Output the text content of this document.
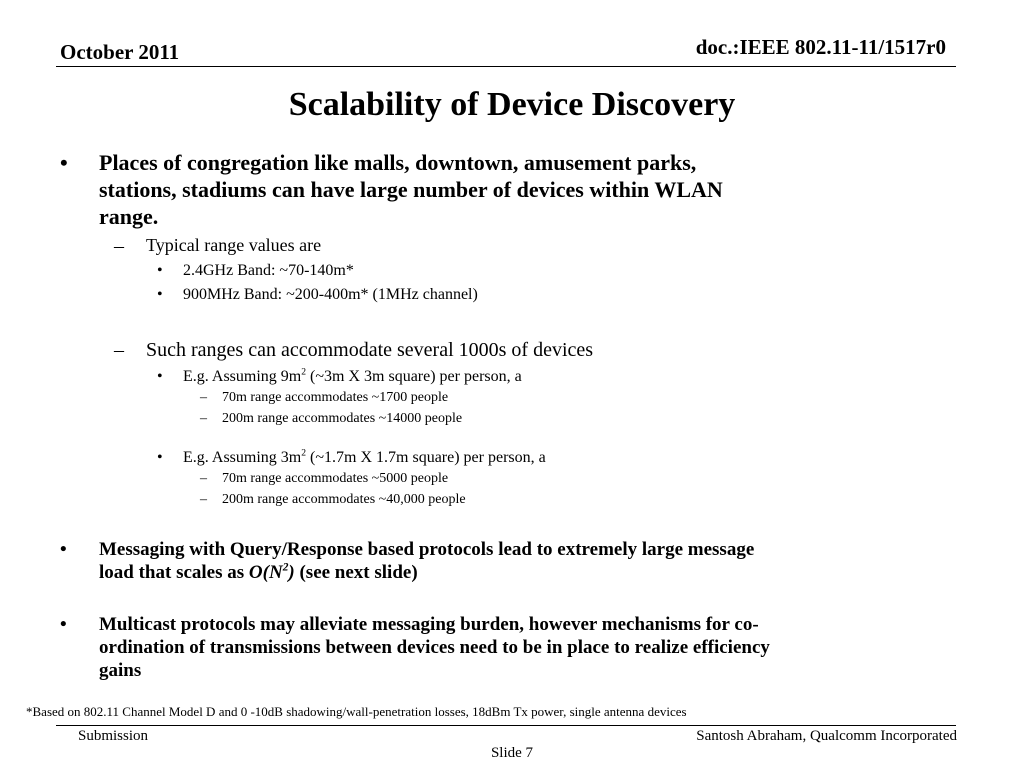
October 2011	doc.:IEEE 802.11-11/1517r0
Scalability of Device Discovery
• Places of congregation like malls, downtown, amusement parks,
stations, stadiums can have large number of devices within WLAN
range.
– Typical range values are
• 2.4GHz Band: ~70-140m*
• 900MHz Band: ~200-400m* (1MHz channel)
– Such ranges can accommodate several 1000s of devices
• E.g. Assuming $9m^2$ (~3m X 3m square) per person, a
– 70m range accommodates ~1700 people
– 200m range accommodates ~14000 people
• E.g. Assuming $3m^2$ (~1.7m X 1.7m square) per person, a
– 70m range accommodates ~5000 people
– 200m range accommodates ~40,000 people
• Messaging with Query/Response based protocols lead to extremely large message
load that scales as $O(N^2)$ (see next slide)
• Multicast protocols may alleviate messaging burden, however mechanisms for co-
ordination of transmissions between devices need to be in place to realize efficiency
gains
*Based on 802.11 Channel Model D and 0 -10dB shadowing/wall-penetration losses, 18dBm Tx power, single antenna devices
Submission
Slide 7
Santosh Abraham, Qualcomm Incorporated
